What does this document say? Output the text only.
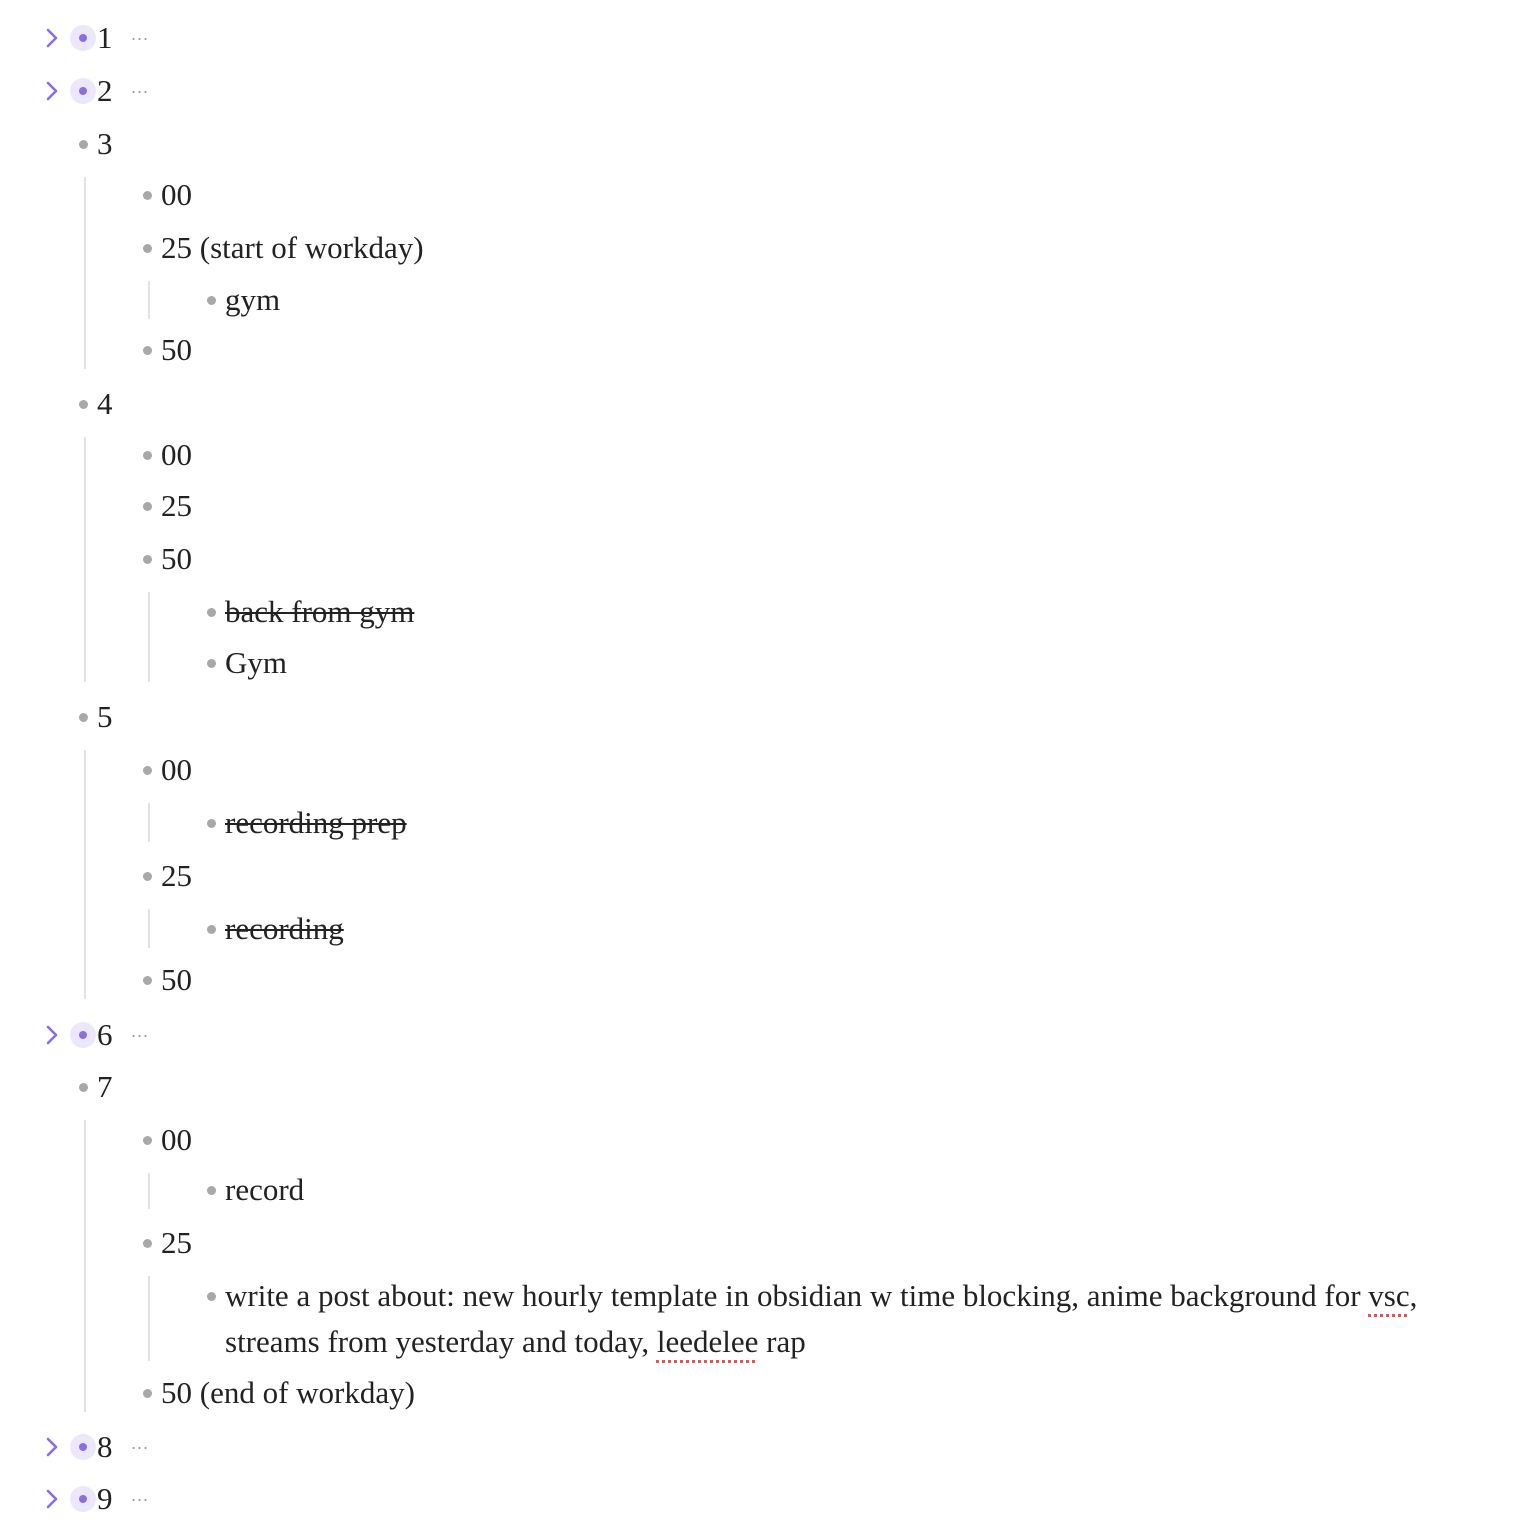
1 ...
2 ...
3
00
25 (start of workday)
gym
50
4
00
25
50
back from gym
Gym
5
00
recording prep
25
recording
50
6 ...
7
00
record
25
write a post about: new hourly template in obsidian w time blocking, anime background for vsc, streams from yesterday and today, leedelee rap
50 (end of workday)
8 ...
9 ...
